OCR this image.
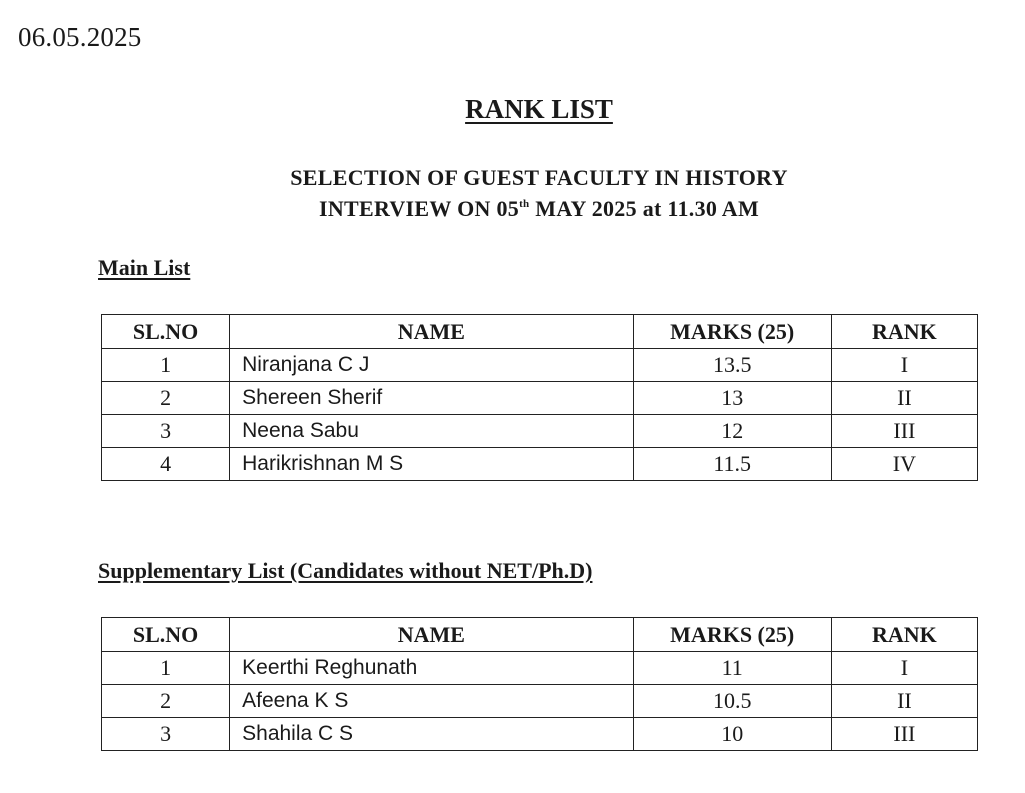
06.05.2025
RANK LIST
SELECTION OF GUEST FACULTY IN HISTORY
INTERVIEW ON 05th MAY 2025 at 11.30 AM
Main List
SL.NO	NAME	MARKS (25)	RANK
1	Niranjana C J	13.5	I
2	Shereen Sherif	13	II
3	Neena Sabu	12	III
4	Harikrishnan M S	11.5	IV
Supplementary List (Candidates without NET/Ph.D)
SL.NO	NAME	MARKS (25)	RANK
1	Keerthi Reghunath	11	I
2	Afeena K S	10.5	II
3	Shahila C S	10	III
